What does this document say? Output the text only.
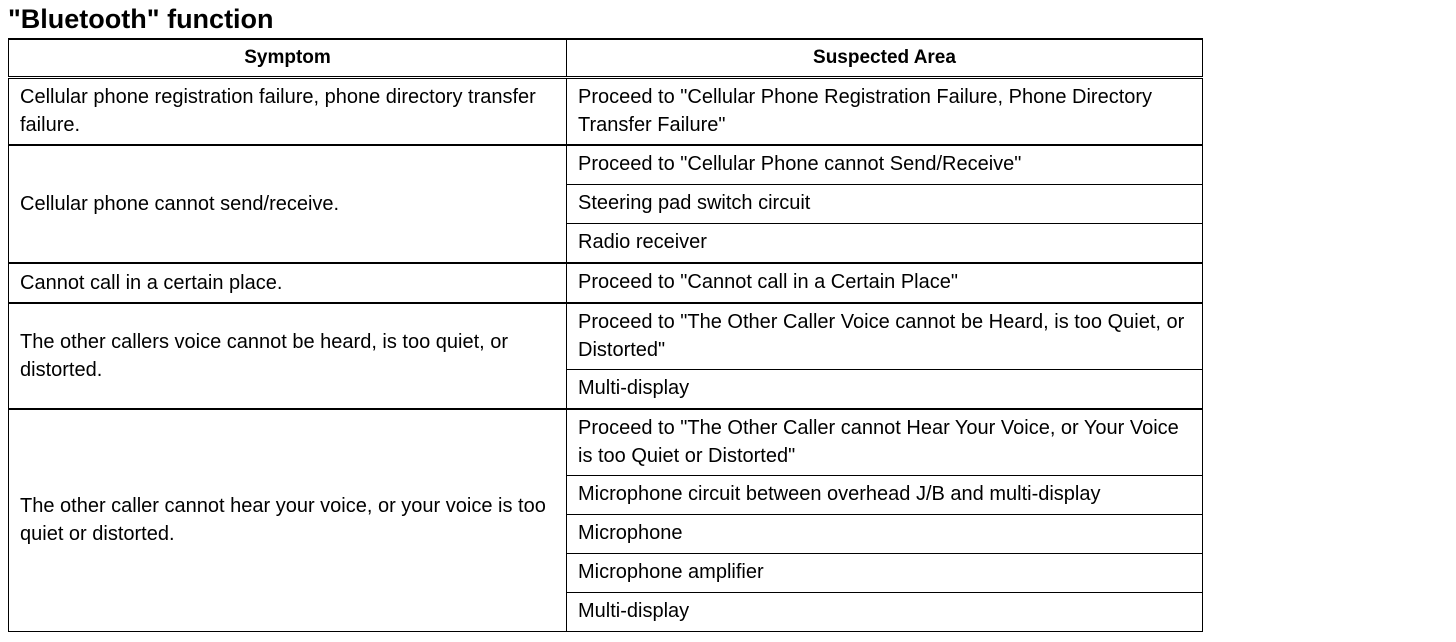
"Bluetooth" function
Symptom	Suspected Area
Cellular phone registration failure, phone directory transfer failure.	Proceed to "Cellular Phone Registration Failure, Phone Directory Transfer Failure"
Cellular phone cannot send/receive.	Proceed to "Cellular Phone cannot Send/Receive"
	Steering pad switch circuit
	Radio receiver
Cannot call in a certain place.	Proceed to "Cannot call in a Certain Place"
The other callers voice cannot be heard, is too quiet, or distorted.	Proceed to "The Other Caller Voice cannot be Heard, is too Quiet, or Distorted"
	Multi-display
The other caller cannot hear your voice, or your voice is too quiet or distorted.	Proceed to "The Other Caller cannot Hear Your Voice, or Your Voice is too Quiet or Distorted"
	Microphone circuit between overhead J/B and multi-display
	Microphone
	Microphone amplifier
	Multi-display
